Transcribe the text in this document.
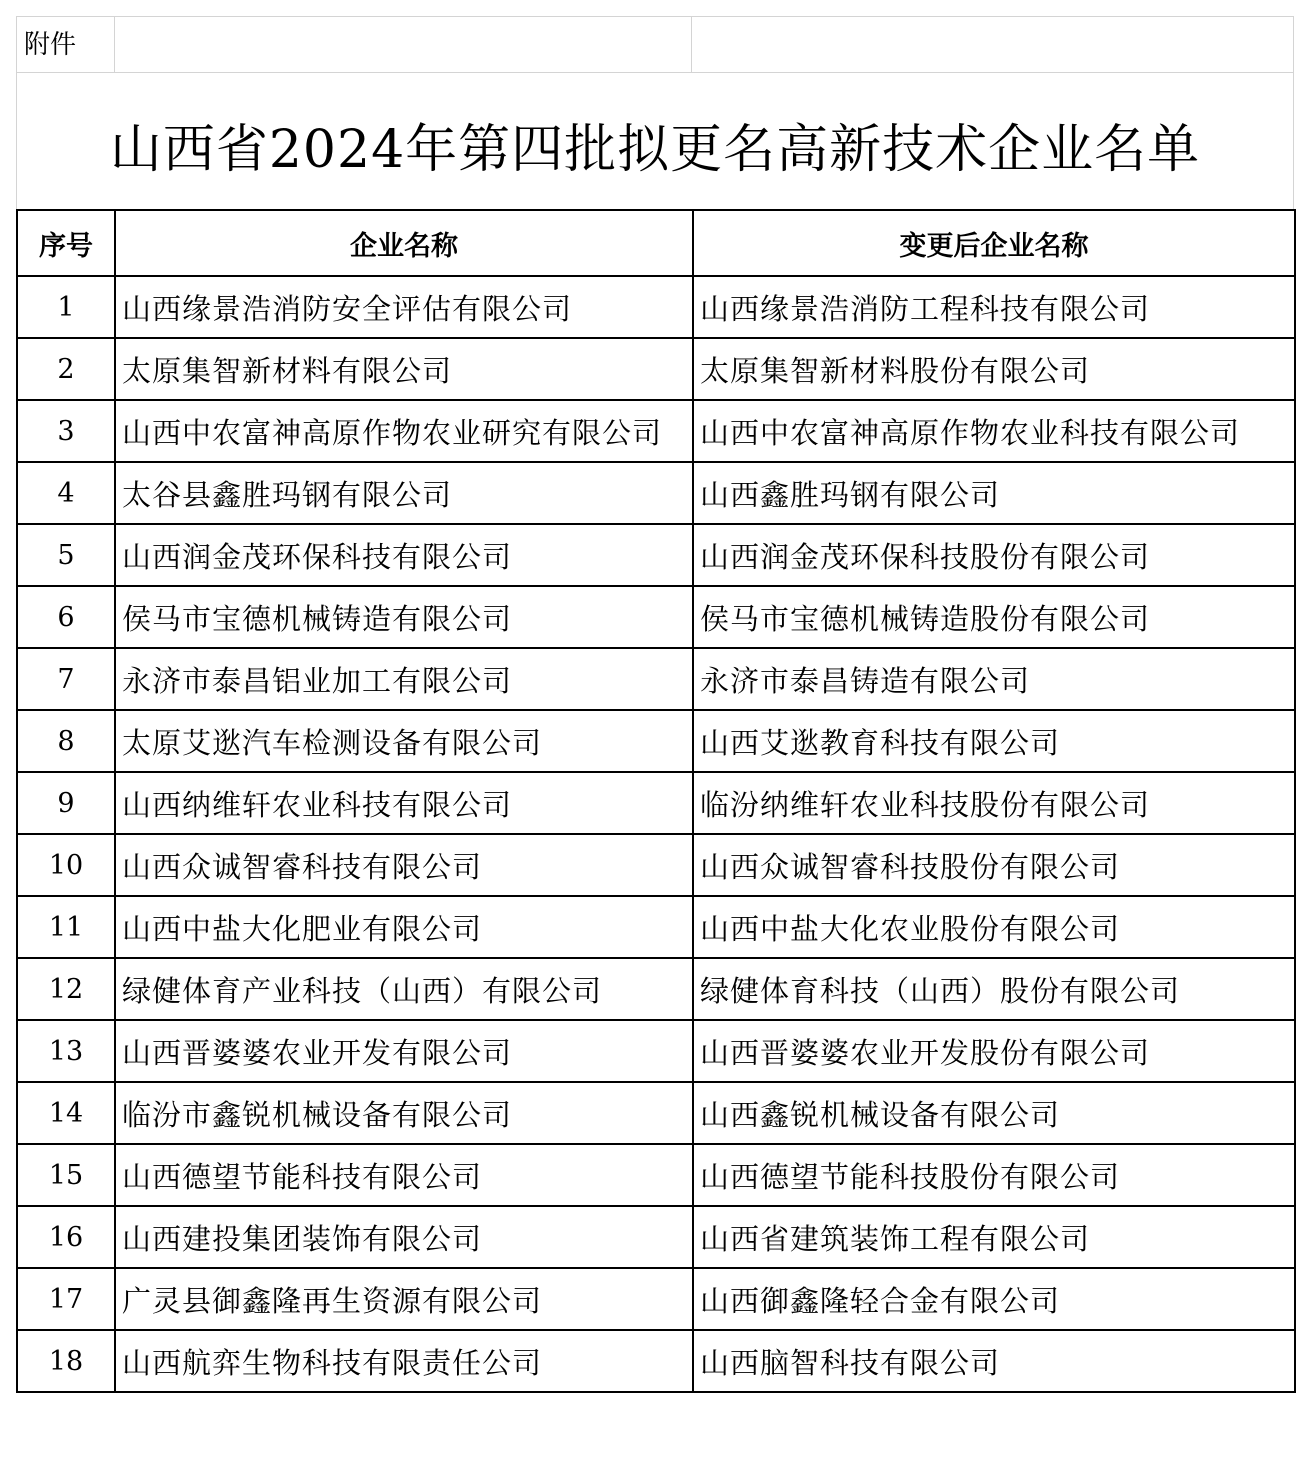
附件
山西省2024年第四批拟更名高新技术企业名单
序号	企业名称	变更后企业名称
1	山西缘景浩消防安全评估有限公司	山西缘景浩消防工程科技有限公司
2	太原集智新材料有限公司	太原集智新材料股份有限公司
3	山西中农富神高原作物农业研究有限公司	山西中农富神高原作物农业科技有限公司
4	太谷县鑫胜玛钢有限公司	山西鑫胜玛钢有限公司
5	山西润金茂环保科技有限公司	山西润金茂环保科技股份有限公司
6	侯马市宝德机械铸造有限公司	侯马市宝德机械铸造股份有限公司
7	永济市泰昌铝业加工有限公司	永济市泰昌铸造有限公司
8	太原艾逖汽车检测设备有限公司	山西艾逖教育科技有限公司
9	山西纳维轩农业科技有限公司	临汾纳维轩农业科技股份有限公司
10	山西众诚智睿科技有限公司	山西众诚智睿科技股份有限公司
11	山西中盐大化肥业有限公司	山西中盐大化农业股份有限公司
12	绿健体育产业科技（山西）有限公司	绿健体育科技（山西）股份有限公司
13	山西晋婆婆农业开发有限公司	山西晋婆婆农业开发股份有限公司
14	临汾市鑫锐机械设备有限公司	山西鑫锐机械设备有限公司
15	山西德望节能科技有限公司	山西德望节能科技股份有限公司
16	山西建投集团装饰有限公司	山西省建筑装饰工程有限公司
17	广灵县御鑫隆再生资源有限公司	山西御鑫隆轻合金有限公司
18	山西航弈生物科技有限责任公司	山西脑智科技有限公司
